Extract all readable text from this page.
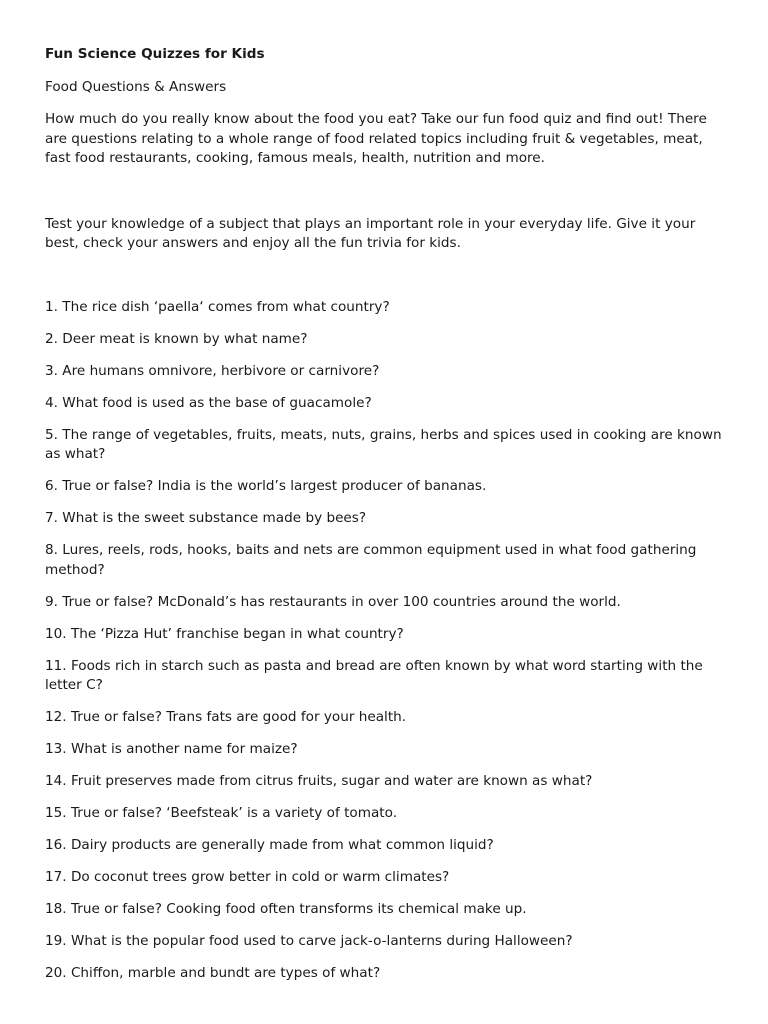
Fun Science Quizzes for Kids

Food Questions & Answers

How much do you really know about the food you eat? Take our fun food quiz and find out! There are questions relating to a whole range of food related topics including fruit & vegetables, meat, fast food restaurants, cooking, famous meals, health, nutrition and more.

Test your knowledge of a subject that plays an important role in your everyday life. Give it your best, check your answers and enjoy all the fun trivia for kids.

1. The rice dish ‘paella‘ comes from what country?
2. Deer meat is known by what name?
3. Are humans omnivore, herbivore or carnivore?
4. What food is used as the base of guacamole?
5. The range of vegetables, fruits, meats, nuts, grains, herbs and spices used in cooking are known as what?
6. True or false? India is the world’s largest producer of bananas.
7. What is the sweet substance made by bees?
8. Lures, reels, rods, hooks, baits and nets are common equipment used in what food gathering method?
9. True or false? McDonald’s has restaurants in over 100 countries around the world.
10. The ‘Pizza Hut’ franchise began in what country?
11. Foods rich in starch such as pasta and bread are often known by what word starting with the letter C?
12. True or false? Trans fats are good for your health.
13. What is another name for maize?
14. Fruit preserves made from citrus fruits, sugar and water are known as what?
15. True or false? ‘Beefsteak’ is a variety of tomato.
16. Dairy products are generally made from what common liquid?
17. Do coconut trees grow better in cold or warm climates?
18. True or false? Cooking food often transforms its chemical make up.
19. What is the popular food used to carve jack-o-lanterns during Halloween?
20. Chiffon, marble and bundt are types of what?
